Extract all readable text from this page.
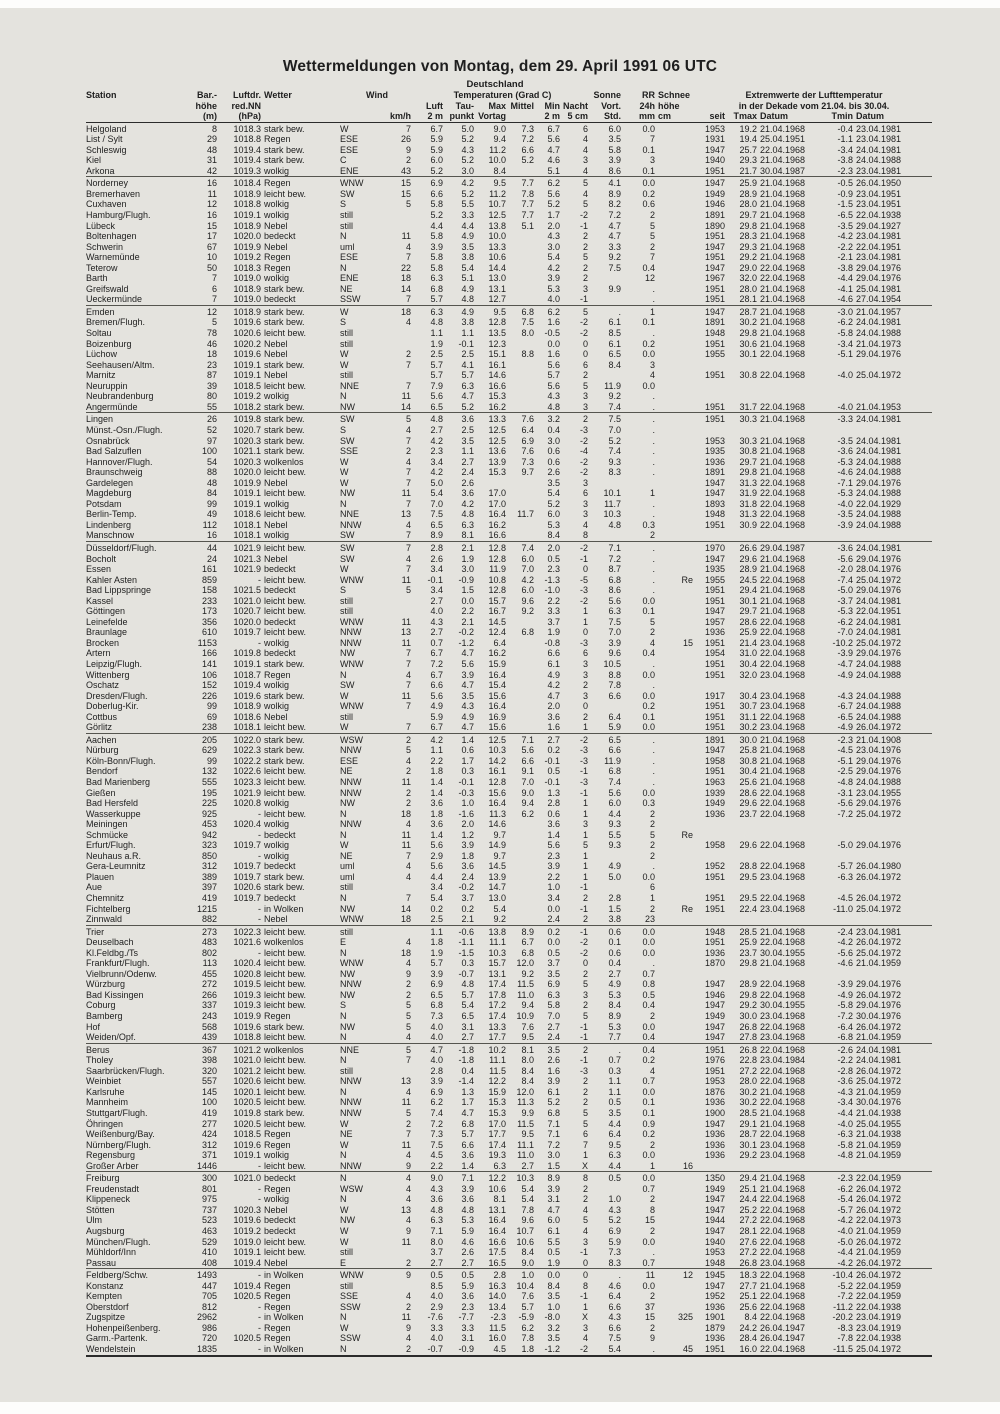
Wettermeldungen von Montag, dem 29. April 1991 06 UTC
Deutschland
Station	Bar.-	Luftdr.	Wetter	Wind		Temperaturen (Grad C)						Sonne	RR	Schnee	Extremwerte der Lufttemperatur				
	höhe	red.NN				Luft	Tau-	Max	Mittel	Min	Nacht	Vort.	24h	höhe	in der Dekade vom 21.04. bis 30.04.				
	(m)	(hPa)			km/h	2 m	punkt	Vortag		2 m	5 cm	Std.	mm	cm	seit	Tmax	Datum	Tmin	Datum
Helgoland	8	1018.3	stark bew.	W	7	6.7	5.0	9.0	7.3	6.7	6	6.0	0.0		1953	19.2	21.04.1968	-0.4	23.04.1981
List / Sylt	29	1018.8	Regen	ESE	26	5.9	5.2	9.4	7.2	5.6	4	3.5	7		1931	19.4	25.04.1951	-1.1	23.04.1981
Schleswig	48	1019.4	stark bew.	ESE	9	5.9	4.3	11.2	6.6	4.7	4	5.8	0.1		1947	25.7	22.04.1968	-3.4	24.04.1981
Kiel	31	1019.4	stark bew.	C	2	6.0	5.2	10.0	5.2	4.6	3	3.9	3		1940	29.3	21.04.1968	-3.8	24.04.1988
Arkona	42	1019.3	wolkig	ENE	43	5.2	3.0	8.4		5.1	4	8.6	0.1		1951	21.7	30.04.1987	-2.3	23.04.1981
Norderney	16	1018.4	Regen	WNW	15	6.9	4.2	9.5	7.7	6.2	5	4.1	0.0		1947	25.9	21.04.1968	-0.5	26.04.1950
Bremerhaven	11	1018.9	leicht bew.	SW	15	6.6	5.2	11.2	7.8	5.6	4	8.9	0.2		1949	28.9	21.04.1968	-0.9	23.04.1951
Cuxhaven	12	1018.8	wolkig	S	5	5.8	5.5	10.7	7.7	5.2	5	8.2	0.6		1946	28.0	21.04.1968	-1.5	23.04.1951
Hamburg/Flugh.	16	1019.1	wolkig	still		5.2	3.3	12.5	7.7	1.7	-2	7.2	2		1891	29.7	21.04.1968	-6.5	22.04.1938
Lübeck	15	1018.9	Nebel	still		4.4	4.4	13.8	5.1	2.0	-1	4.7	5		1890	29.8	21.04.1968	-3.5	29.04.1927
Boltenhagen	17	1020.0	bedeckt	N	11	5.8	4.9	10.0		4.3	2	4.7	5		1951	28.3	21.04.1968	-4.2	23.04.1981
Schwerin	67	1019.9	Nebel	uml	4	3.9	3.5	13.3		3.0	2	3.3	2		1947	29.3	21.04.1968	-2.2	22.04.1951
Warnemünde	10	1019.2	Regen	ESE	7	5.8	3.8	10.6		5.4	5	9.2	7		1951	29.2	21.04.1968	-2.1	23.04.1981
Teterow	50	1018.3	Regen	N	22	5.8	5.4	14.4		4.2	2	7.5	0.4		1947	29.0	22.04.1968	-3.8	29.04.1976
Barth	7	1019.0	wolkig	ENE	18	6.3	5.1	13.0		3.9	2		12		1967	32.0	22.04.1968	-4.4	29.04.1976
Greifswald	6	1018.9	stark bew.	NE	14	6.8	4.9	13.1		5.3	3	9.9	.		1951	28.0	21.04.1968	-4.1	25.04.1981
Ueckermünde	7	1019.0	bedeckt	SSW	7	5.7	4.8	12.7		4.0	-1		.		1951	28.1	21.04.1968	-4.6	27.04.1954
Emden	12	1018.9	stark bew.	W	18	6.3	4.9	9.5	6.8	6.2	5	.	1		1947	28.7	21.04.1968	-3.0	21.04.1957
Bremen/Flugh.	5	1019.6	stark bew.	S	4	4.8	3.8	12.8	7.5	1.6	-2	6.1	0.1		1891	30.2	21.04.1968	-6.2	24.04.1981
Soltau	78	1020.6	leicht bew.	still		1.1	1.1	13.5	8.0	-0.5	-2	8.5	.		1948	29.8	21.04.1968	-5.8	24.04.1988
Boizenburg	46	1020.2	Nebel	still		1.9	-0.1	12.3		0.0	0	6.1	0.2		1951	30.6	21.04.1968	-3.4	21.04.1973
Lüchow	18	1019.6	Nebel	W	2	2.5	2.5	15.1	8.8	1.6	0	6.5	0.0		1955	30.1	22.04.1968	-5.1	29.04.1976
Seehausen/Altm.	23	1019.1	stark bew.	W	7	5.7	4.1	16.1		5.6	6	8.4	3						
Marnitz	87	1019.1	Nebel	still		5.7	5.7	14.6		5.7	2		4		1951	30.8	22.04.1968	-4.0	25.04.1972
Neuruppin	39	1018.5	leicht bew.	NNE	7	7.9	6.3	16.6		5.6	5	11.9	0.0						
Neubrandenburg	80	1019.2	wolkig	N	11	5.6	4.7	15.3		4.3	3	9.2	.						
Angermünde	55	1018.2	stark bew.	NW	14	6.5	5.2	16.2		4.8	3	7.4	.		1951	31.7	22.04.1968	-4.0	21.04.1953
Lingen	26	1019.8	stark bew.	SW	5	4.8	3.6	13.3	7.6	3.2	2	7.5	.		1951	30.3	21.04.1968	-3.3	24.04.1981
Münst.-Osn./Flugh.	52	1020.7	stark bew.	S	4	2.7	2.5	12.5	6.4	0.4	-3	7.0	.						
Osnabrück	97	1020.3	stark bew.	SW	7	4.2	3.5	12.5	6.9	3.0	-2	5.2	.		1953	30.3	21.04.1968	-3.5	24.04.1981
Bad Salzuflen	100	1021.1	stark bew.	SSE	2	2.3	1.1	13.6	7.6	0.6	-4	7.4	.		1935	30.8	21.04.1968	-3.6	24.04.1981
Hannover/Flugh.	54	1020.3	wolkenlos	W	4	3.4	2.7	13.9	7.3	0.6	-2	9.3	.		1936	29.7	21.04.1968	-5.3	24.04.1988
Braunschweig	88	1020.0	leicht bew.	W	7	4.2	2.4	15.3	9.7	2.6	-2	8.3	.		1891	29.8	21.04.1968	-4.6	24.04.1988
Gardelegen	48	1019.9	Nebel	W	7	5.0	2.6			3.5	3				1947	31.3	22.04.1968	-7.1	29.04.1976
Magdeburg	84	1019.1	leicht bew.	NW	11	5.4	3.6	17.0		5.4	6	10.1	1		1947	31.9	22.04.1968	-5.3	24.04.1988
Potsdam	99	1019.1	wolkig	N	7	7.0	4.2	17.0		5.2	3	11.7	.		1893	31.8	22.04.1968	-4.0	22.04.1929
Berlin-Temp.	49	1018.6	leicht bew.	NNE	13	7.5	4.8	16.4	11.7	6.0	3	10.3	.		1948	31.3	22.04.1968	-3.5	24.04.1988
Lindenberg	112	1018.1	Nebel	NNW	4	6.5	6.3	16.2		5.3	4	4.8	0.3		1951	30.9	22.04.1968	-3.9	24.04.1988
Manschnow	16	1018.1	wolkig	SW	7	8.9	8.1	16.6		8.4	8		2						
Düsseldorf/Flugh.	44	1021.9	leicht bew.	SW	7	2.8	2.1	12.8	7.4	2.0	-2	7.1	.		1970	26.6	29.04.1987	-3.6	24.04.1981
Bocholt	24	1021.3	Nebel	SW	4	2.6	1.9	12.8	6.0	0.5	-1	7.2	.		1947	29.6	21.04.1968	-5.6	29.04.1976
Essen	161	1021.9	bedeckt	W	7	3.4	3.0	11.9	7.0	2.3	0	8.7	.		1935	28.9	21.04.1968	-2.0	28.04.1976
Kahler Asten	859	-	leicht bew.	WNW	11	-0.1	-0.9	10.8	4.2	-1.3	-5	6.8	.	Re	1955	24.5	22.04.1968	-7.4	25.04.1972
Bad Lippspringe	158	1021.5	bedeckt	S	5	3.4	1.5	12.8	6.0	-1.0	-3	8.6	.		1951	29.4	21.04.1968	-5.0	29.04.1976
Kassel	233	1021.0	leicht bew.	still		2.7	0.0	15.7	9.6	2.2	-2	5.6	0.0		1951	30.1	21.04.1968	-3.7	24.04.1981
Göttingen	173	1020.7	leicht bew.	still		4.0	2.2	16.7	9.2	3.3	1	6.3	0.1		1947	29.7	21.04.1968	-5.3	22.04.1951
Leinefelde	356	1020.0	bedeckt	WNW	11	4.3	2.1	14.5		3.7	1	7.5	5		1957	28.6	22.04.1968	-6.2	24.04.1981
Braunlage	610	1019.7	leicht bew.	NNW	13	2.7	-0.2	12.4	6.8	1.9	0	7.0	2		1936	25.9	22.04.1968	-7.0	24.04.1981
Brocken	1153	-	wolkig	NNW	11	0.7	-1.2	6.4		-0.8	-3	3.9	4	15	1951	21.4	23.04.1968	-10.2	25.04.1972
Artern	166	1019.8	bedeckt	NW	7	6.7	4.7	16.2		6.6	6	9.6	0.4		1954	31.0	22.04.1968	-3.9	29.04.1976
Leipzig/Flugh.	141	1019.1	stark bew.	WNW	7	7.2	5.6	15.9		6.1	3	10.5	.		1951	30.4	22.04.1968	-4.7	24.04.1988
Wittenberg	106	1018.7	Regen	N	4	6.7	3.9	16.4		4.9	3	8.8	0.0		1951	32.0	23.04.1968	-4.9	24.04.1988
Oschatz	152	1019.4	wolkig	SW	7	6.6	4.7	15.4		4.2	2	7.8	.						
Dresden/Flugh.	226	1019.6	stark bew.	W	11	5.6	3.5	15.6		4.7	3	6.6	0.0		1917	30.4	23.04.1968	-4.3	24.04.1988
Doberlug-Kir.	99	1018.9	wolkig	WNW	7	4.9	4.3	16.4		2.0	0		0.2		1951	30.7	23.04.1968	-6.7	24.04.1988
Cottbus	69	1018.6	Nebel	still		5.9	4.9	16.9		3.6	2	6.4	0.1		1951	31.1	22.04.1968	-6.5	24.04.1988
Görlitz	238	1018.1	leicht bew.	W	7	6.7	4.7	15.6		1.6	1	5.9	0.0		1951	30.2	23.04.1968	-4.9	26.04.1972
Aachen	205	1022.0	stark bew.	WSW	2	4.2	1.4	12.5	7.1	2.7	-2	6.5	.		1891	30.0	21.04.1968	-2.3	21.04.1908
Nürburg	629	1022.3	stark bew.	NNW	5	1.1	0.6	10.3	5.6	0.2	-3	6.6	.		1947	25.8	21.04.1968	-4.5	23.04.1976
Köln-Bonn/Flugh.	99	1022.2	stark bew.	ESE	4	2.2	1.7	14.2	6.6	-0.1	-3	11.9	.		1958	30.8	21.04.1968	-5.1	29.04.1976
Bendorf	132	1022.6	leicht bew.	NE	2	1.8	0.3	16.1	9.1	0.5	-1	6.8	.		1951	30.4	21.04.1968	-2.5	29.04.1976
Bad Marienberg	555	1023.3	leicht bew.	NNW	11	1.4	-0.1	12.8	7.0	-0.1	-3	7.4	.		1963	25.6	21.04.1968	-4.8	24.04.1988
Gießen	195	1021.9	leicht bew.	NNW	2	1.4	-0.3	15.6	9.0	1.3	-1	5.6	0.0		1939	28.6	22.04.1968	-3.1	23.04.1955
Bad Hersfeld	225	1020.8	wolkig	NW	2	3.6	1.0	16.4	9.4	2.8	1	6.0	0.3		1949	29.6	22.04.1968	-5.6	29.04.1976
Wasserkuppe	925	-	leicht bew.	N	18	1.8	-1.6	11.3	6.2	0.6	1	4.4	2		1936	23.7	22.04.1968	-7.2	25.04.1972
Meiningen	453	1020.4	wolkig	NNW	4	3.6	2.0	14.6		3.6	3	9.3	2						
Schmücke	942	-	bedeckt	N	11	1.4	1.2	9.7		1.4	1	5.5	5	Re					
Erfurt/Flugh.	323	1019.7	wolkig	W	11	5.6	3.9	14.9		5.6	5	9.3	2		1958	29.6	22.04.1968	-5.0	29.04.1976
Neuhaus a.R.	850	-	wolkig	NE	7	2.9	1.8	9.7		2.3	1		2						
Gera-Leumnitz	312	1019.7	bedeckt	uml	4	5.6	3.6	14.5		3.9	1	4.9	.		1952	28.8	22.04.1968	-5.7	26.04.1980
Plauen	389	1019.7	stark bew.	uml	4	4.4	2.4	13.9		2.2	1	5.0	0.0		1951	29.5	23.04.1968	-6.3	26.04.1972
Aue	397	1020.6	stark bew.	still		3.4	-0.2	14.7		1.0	-1		6						
Chemnitz	419	1019.7	bedeckt	N	7	5.4	3.7	13.0		3.4	2	2.8	1		1951	29.5	22.04.1968	-4.5	26.04.1972
Fichtelberg	1215	-	in Wolken	NW	14	0.2	0.2	5.4		0.0	-1	1.5	2	Re	1951	22.4	23.04.1968	-11.0	25.04.1972
Zinnwald	882	-	Nebel	WNW	18	2.5	2.1	9.2		2.4	2	3.8	23						
Trier	273	1022.3	leicht bew.	still		1.1	-0.6	13.8	8.9	0.2	-1	0.6	0.0		1948	28.5	21.04.1968	-2.4	23.04.1981
Deuselbach	483	1021.6	wolkenlos	E	4	1.8	-1.1	11.1	6.7	0.0	-2	0.1	0.0		1951	25.9	22.04.1968	-4.2	26.04.1972
Kl.Feldbg./Ts	802	-	leicht bew.	N	18	1.9	-1.5	10.3	6.8	0.5	-2	0.6	0.0		1936	23.7	30.04.1955	-5.6	25.04.1972
Frankfurt/Flugh.	113	1020.4	leicht bew.	WNW	4	5.7	0.3	15.7	12.0	3.7	0	0.4	.		1870	29.8	21.04.1968	-4.6	21.04.1959
Vielbrunn/Odenw.	455	1020.8	leicht bew.	NW	9	3.9	-0.7	13.1	9.2	3.5	2	2.7	0.7						
Würzburg	272	1019.5	leicht bew.	NNW	2	6.9	4.8	17.4	11.5	6.9	5	4.9	0.8		1947	28.9	22.04.1968	-3.9	29.04.1976
Bad Kissingen	266	1019.3	leicht bew.	NW	2	6.5	5.7	17.8	11.0	6.3	3	5.3	0.5		1946	29.8	22.04.1968	-4.9	26.04.1972
Coburg	337	1019.3	leicht bew.	S	5	6.8	5.4	17.2	9.4	5.8	2	8.4	0.4		1947	29.2	30.04.1955	-5.8	29.04.1976
Bamberg	243	1019.9	Regen	N	5	7.3	6.5	17.4	10.9	7.0	5	8.9	2		1949	30.0	23.04.1968	-7.2	30.04.1976
Hof	568	1019.6	stark bew.	NW	5	4.0	3.1	13.3	7.6	2.7	-1	5.3	0.0		1947	26.8	22.04.1968	-6.4	26.04.1972
Weiden/Opf.	439	1018.8	leicht bew.	N	4	4.0	2.7	17.7	9.5	2.4	-1	7.7	0.4		1947	27.8	23.04.1968	-6.8	21.04.1959
Berus	367	1021.2	wolkenlos	NNE	5	4.7	-1.8	10.2	8.1	3.5	2	.	0.4		1951	26.8	22.04.1968	-2.6	24.04.1981
Tholey	398	1021.0	leicht bew.	N	7	4.0	-1.8	11.1	8.0	2.6	-1	0.7	0.2		1976	22.8	23.04.1984	-2.2	24.04.1981
Saarbrücken/Flugh.	320	1021.2	leicht bew.	still		2.8	0.4	11.5	8.4	1.6	-3	0.3	4		1951	27.2	22.04.1968	-2.8	26.04.1972
Weinbiet	557	1020.6	leicht bew.	NNW	13	3.9	-1.4	12.2	8.4	3.9	2	1.1	0.7		1953	28.0	22.04.1968	-3.6	25.04.1972
Karlsruhe	145	1020.1	leicht bew.	N	4	6.9	1.3	15.9	12.0	6.1	2	1.1	0.0		1876	30.2	21.04.1968	-4.3	21.04.1959
Mannheim	100	1020.5	leicht bew.	NNW	11	6.2	1.7	15.3	11.3	5.2	2	0.5	0.1		1936	30.2	22.04.1968	-3.4	30.04.1976
Stuttgart/Flugh.	419	1019.8	stark bew.	NNW	5	7.4	4.7	15.3	9.9	6.8	5	3.5	0.1		1900	28.5	21.04.1968	-4.4	21.04.1938
Öhringen	277	1020.5	leicht bew.	W	2	7.2	6.8	17.0	11.5	7.1	5	4.4	0.9		1947	29.1	21.04.1968	-4.0	25.04.1955
Weißenburg/Bay.	424	1018.5	Regen	NE	7	7.3	5.7	17.7	9.5	7.1	6	6.4	0.2		1936	28.7	22.04.1968	-6.3	21.04.1938
Nürnberg/Flugh.	312	1019.6	Regen	W	11	7.5	6.6	17.4	11.1	7.2	7	9.5	2		1936	30.1	23.04.1968	-5.8	21.04.1959
Regensburg	371	1019.1	wolkig	N	4	4.5	3.6	19.3	11.0	3.0	1	6.3	0.0		1936	29.2	23.04.1968	-4.8	21.04.1959
Großer Arber	1446	-	leicht bew.	NNW	9	2.2	1.4	6.3	2.7	1.5	X	4.4	1	16					
Freiburg	300	1021.0	bedeckt	N	4	9.0	7.1	12.2	10.3	8.9	8	0.5	0.0		1350	29.4	21.04.1968	-2.3	22.04.1959
Freudenstadt	801	-	Regen	WSW	4	4.3	3.9	10.6	5.4	3.9	2		0.7		1949	25.1	21.04.1968	-6.2	26.04.1972
Klippeneck	975	-	wolkig	N	4	3.6	3.6	8.1	5.4	3.1	2	1.0	2		1947	24.4	22.04.1968	-5.4	26.04.1972
Stötten	737	1020.3	Nebel	W	13	4.8	4.8	13.1	7.8	4.7	4	4.3	8		1947	25.2	22.04.1968	-5.7	26.04.1972
Ulm	523	1019.6	bedeckt	NW	4	6.3	5.3	16.4	9.6	6.0	5	5.2	15		1944	27.2	22.04.1968	-4.2	22.04.1973
Augsburg	463	1019.2	bedeckt	W	9	7.1	5.9	16.4	10.7	6.1	4	6.9	2		1947	28.1	22.04.1968	-4.0	21.04.1959
München/Flugh.	529	1019.0	leicht bew.	W	11	8.0	4.6	16.6	10.6	5.5	3	5.9	0.0		1940	27.6	22.04.1968	-5.0	26.04.1972
Mühldorf/Inn	410	1019.1	leicht bew.	still		3.7	2.6	17.5	8.4	0.5	-1	7.3	.		1953	27.2	22.04.1968	-4.4	21.04.1959
Passau	408	1019.4	Nebel	E	2	2.7	2.7	16.5	9.0	1.9	0	8.3	0.7		1948	26.8	23.04.1968	-4.2	26.04.1972
Feldberg/Schw.	1493	-	in Wolken	WNW	9	0.5	0.5	2.8	1.0	0.0	0	.	11	12	1945	18.3	22.04.1968	-10.4	26.04.1972
Konstanz	447	1019.4	Regen	still		8.5	5.9	16.3	10.4	8.4	8	4.6	0.0		1947	27.7	21.04.1968	-5.2	22.04.1959
Kempten	705	1020.5	Regen	SSE	4	4.0	3.6	14.0	7.6	3.5	-1	6.4	2		1952	25.1	22.04.1968	-7.2	22.04.1959
Oberstdorf	812	-	Regen	SSW	2	2.9	2.3	13.4	5.7	1.0	1	6.6	37		1936	25.6	22.04.1968	-11.2	22.04.1938
Zugspitze	2962	-	in Wolken	N	11	-7.6	-7.7	-2.3	-5.9	-8.0	X	4.3	15	325	1901	8.4	22.04.1968	-20.2	23.04.1919
Hohenpeißenberg.	986	-	Regen	W	9	3.3	3.3	11.5	6.2	3.2	3	6.6	2		1879	24.2	26.04.1947	-8.3	23.04.1919
Garm.-Partenk.	720	1020.5	Regen	SSW	4	4.0	3.1	16.0	7.8	3.5	4	7.5	9		1936	28.4	26.04.1947	-7.8	22.04.1938
Wendelstein	1835	-	in Wolken	N	2	-0.7	-0.9	4.5	1.8	-1.2	-2	5.4	.	45	1951	16.0	22.04.1968	-11.5	25.04.1972
